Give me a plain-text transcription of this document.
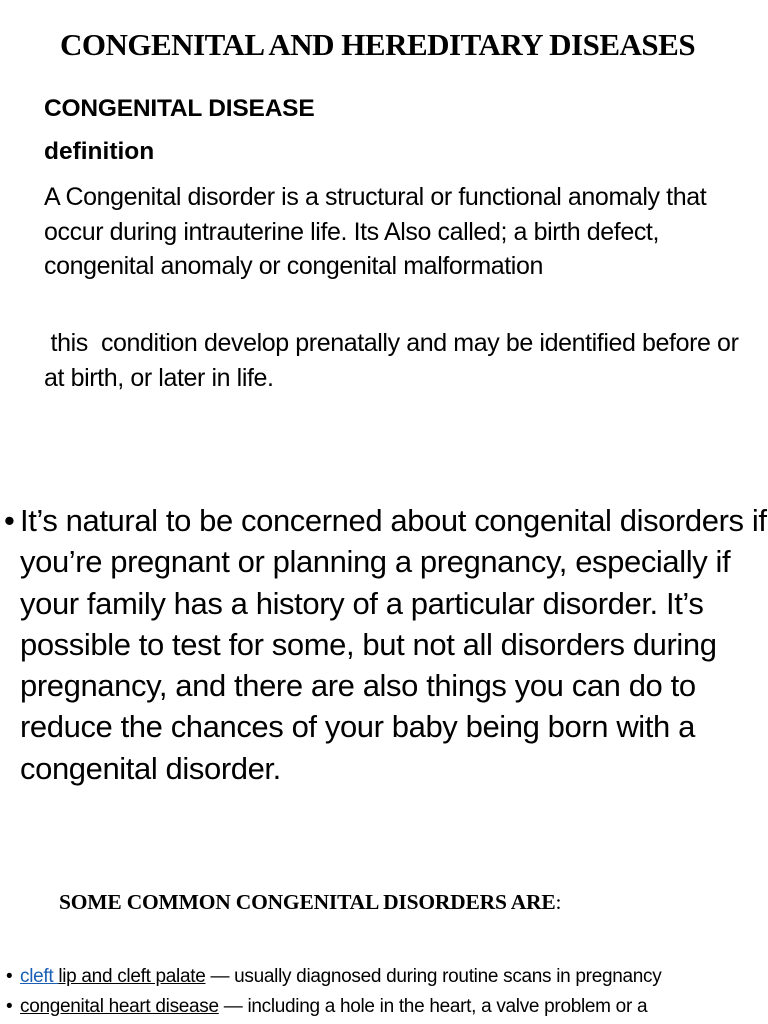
CONGENITAL AND HEREDITARY DISEASES
CONGENITAL DISEASE
definition
A Congenital disorder is a structural or functional anomaly that occur during intrauterine life. Its Also called; a birth defect, congenital anomaly or congenital malformation
this  condition develop prenatally and may be identified before or at birth, or later in life.
• It’s natural to be concerned about congenital disorders if you’re pregnant or planning a pregnancy, especially if your family has a history of a particular disorder. It’s possible to test for some, but not all disorders during pregnancy, and there are also things you can do to reduce the chances of your baby being born with a congenital disorder.
SOME COMMON CONGENITAL DISORDERS ARE:
• cleft lip and cleft palate — usually diagnosed during routine scans in pregnancy
• congenital heart disease — including a hole in the heart, a valve problem or a
